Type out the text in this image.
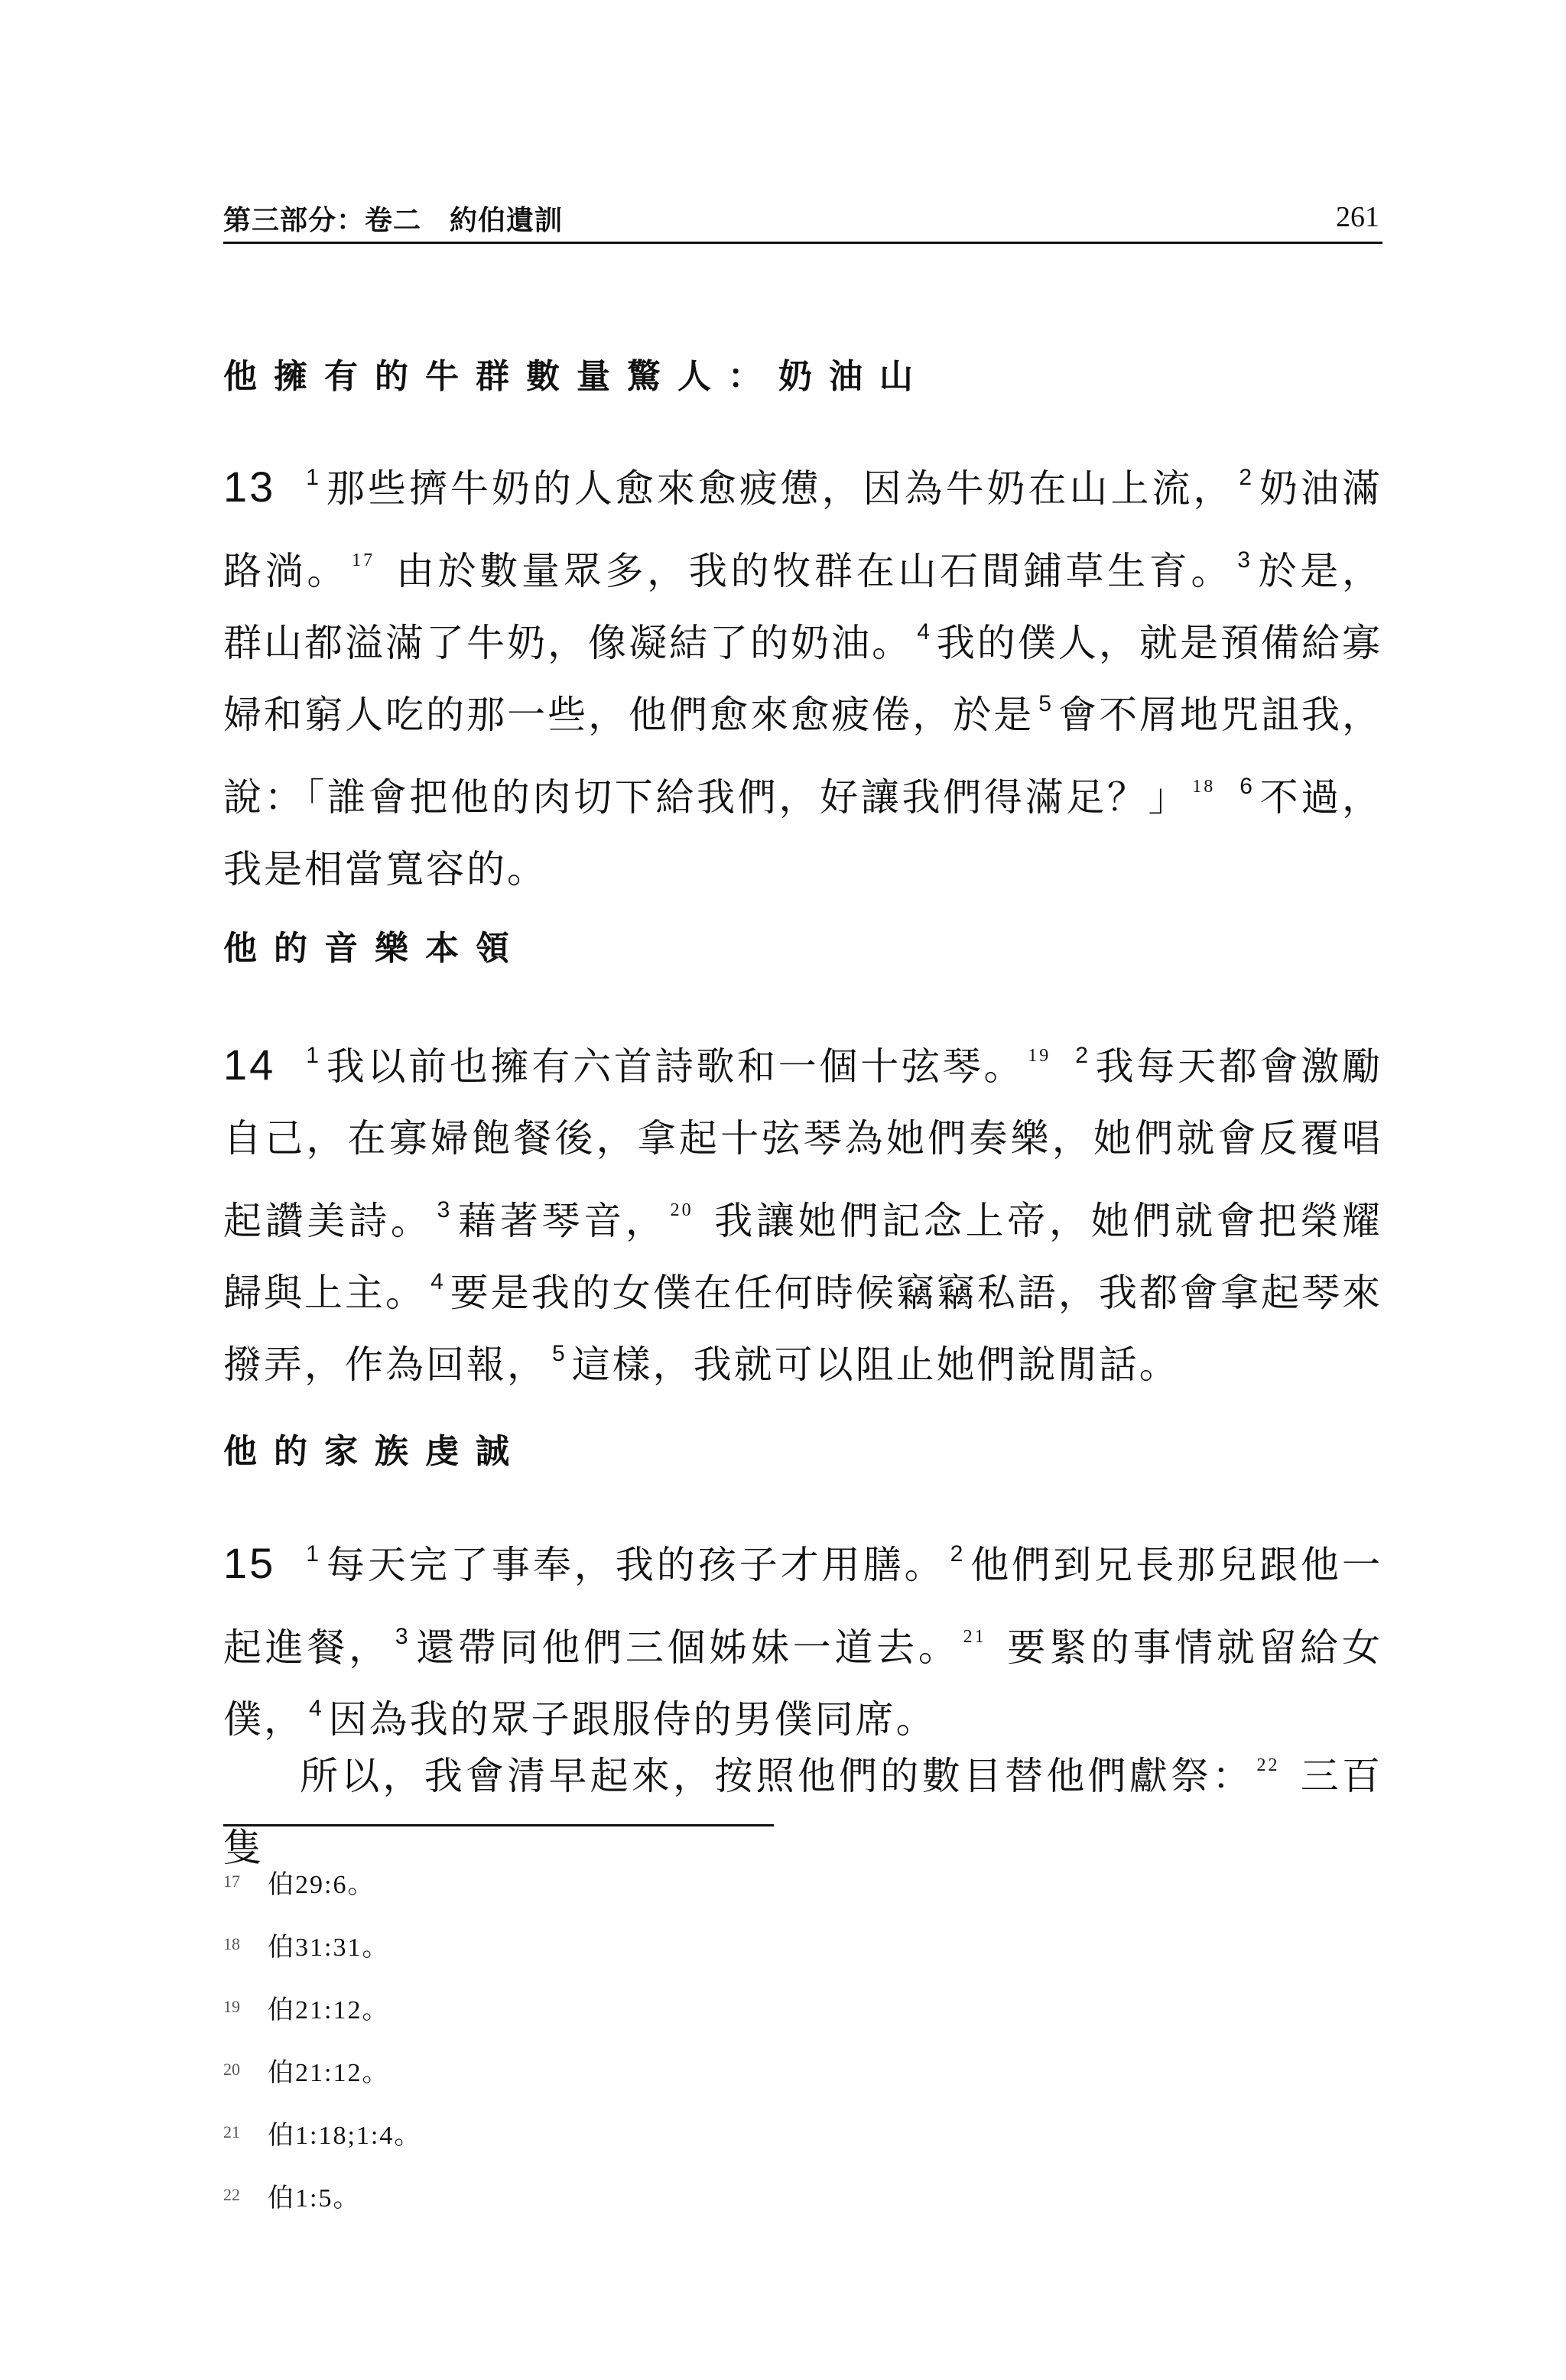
第三部分：卷二　約伯遺訓	261
他擁有的牛群數量驚人：奶油山
13 $^1$ 那些擠牛奶的人愈來愈疲憊，因為牛奶在山上流， $^2$ 奶油滿路淌。 $^{17}$ 由於數量眾多，我的牧群在山石間鋪草生育。 $^3$ 於是，群山都溢滿了牛奶，像凝結了的奶油。 $^4$ 我的僕人，就是預備給寡婦和窮人吃的那一些，他們愈來愈疲倦，於是 $^5$ 會不屑地咒詛我，說：「誰會把他的肉切下給我們，好讓我們得滿足？」 $^{18}$ $^6$ 不過，我是相當寬容的。
他的音樂本領
14 $^1$ 我以前也擁有六首詩歌和一個十弦琴。 $^{19}$ $^2$ 我每天都會激勵自己，在寡婦飽餐後，拿起十弦琴為她們奏樂，她們就會反覆唱起讚美詩。 $^3$ 藉著琴音， $^{20}$ 我讓她們記念上帝，她們就會把榮耀歸與上主。 $^4$ 要是我的女僕在任何時候竊竊私語，我都會拿起琴來撥弄，作為回報， $^5$ 這樣，我就可以阻止她們說閒話。
他的家族虔誠
15 $^1$ 每天完了事奉，我的孩子才用膳。 $^2$ 他們到兄長那兒跟他一起進餐， $^3$ 還帶同他們三個姊妹一道去。 $^{21}$ 要緊的事情就留給女僕， $^4$ 因為我的眾子跟服侍的男僕同席。
所以，我會清早起來，按照他們的數目替他們獻祭： $^{22}$ 三百隻
17	伯29:6。
18	伯31:31。
19	伯21:12。
20	伯21:12。
21	伯1:18;1:4。
22	伯1:5。
